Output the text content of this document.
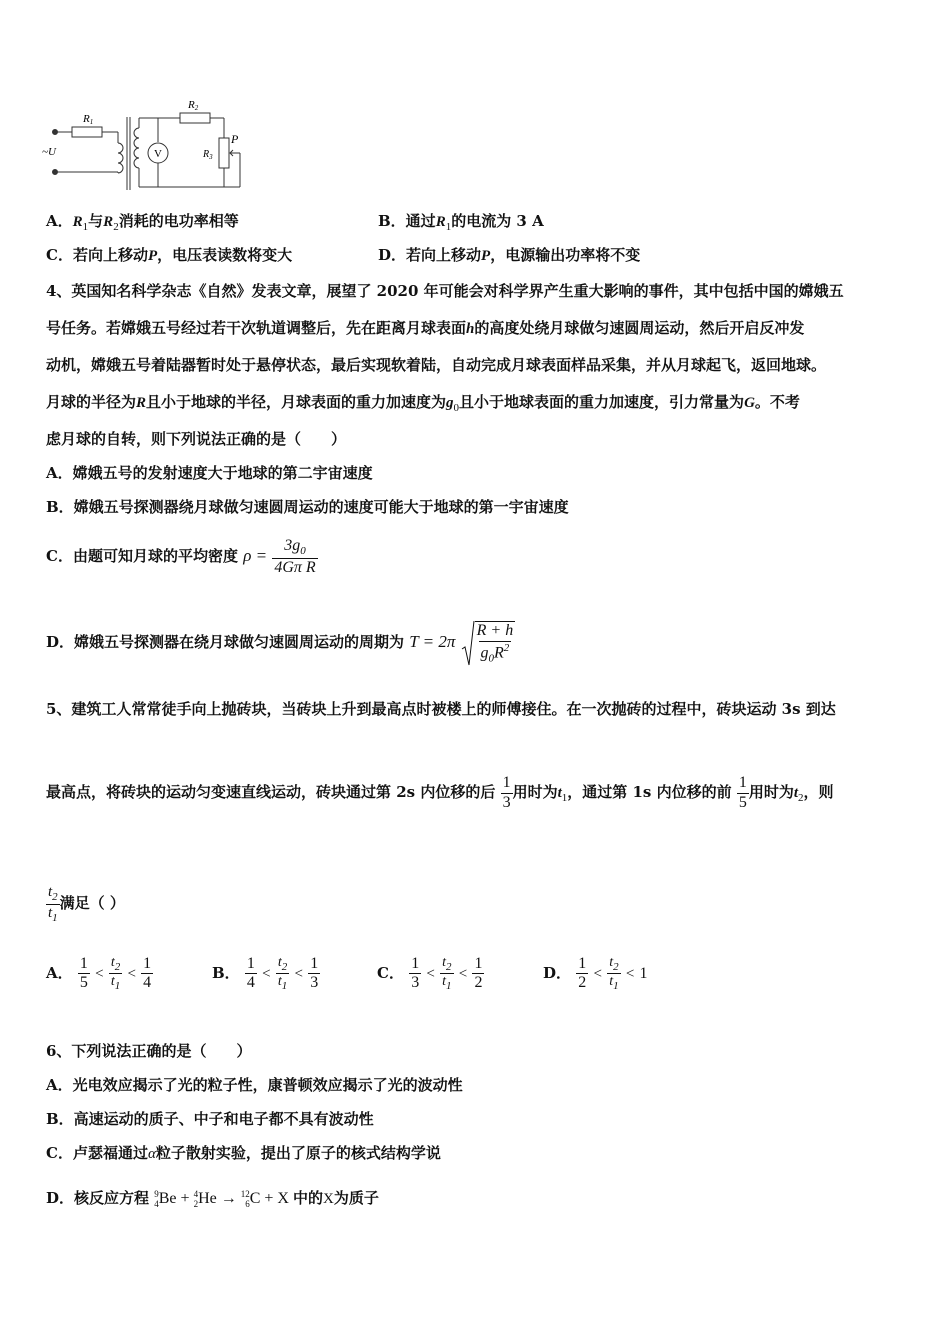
~U
R1
R2
$R_3$
V
P
A．$R_1$与$R_2$消耗的电功率相等	B．通过$R_1$的电流为 3 A
C．若向上移动P，电压表读数将变大	D．若向上移动P，电源输出功率将不变
4、英国知名科学杂志《自然》发表文章，展望了 2020 年可能会对科学界产生重大影响的事件，其中包括中国的嫦娥五
号任务。若嫦娥五号经过若干次轨道调整后，先在距离月球表面h的高度处绕月球做匀速圆周运动，然后开启反冲发
动机，嫦娥五号着陆器暂时处于悬停状态，最后实现软着陆，自动完成月球表面样品采集，并从月球起飞，返回地球。
月球的半径为R且小于地球的半径，月球表面的重力加速度为$g_0$且小于地球表面的重力加速度，引力常量为G。不考
虑月球的自转，则下列说法正确的是（　　）
A．嫦娥五号的发射速度大于地球的第二宇宙速度
B．嫦娥五号探测器绕月球做匀速圆周运动的速度可能大于地球的第一宇宙速度
C．由题可知月球的平均密度 $\rho = \frac{3g_0}{\text{4Gπ R}}$
D．嫦娥五号探测器在绕月球做匀速圆周运动的周期为 $T = 2\pi \frac{R + h}{g_0R^2}$
5、建筑工人常常徒手向上抛砖块，当砖块上升到最高点时被楼上的师傅接住。在一次抛砖的过程中，砖块运动 3s 到达
最高点，将砖块的运动匀变速直线运动，砖块通过第 2s 内位移的后 $\frac{1}{3}$ 用时为$t_1$，通过第 1s 内位移的前 $\frac{1}{5}$ 用时为$t_2$，则
$\frac{t_2}{t_1}$ 满足（ ）
A． $\frac{1}{5} < \frac{t_2}{t_1} < \frac{1}{4}$	B． $\frac{1}{4} < \frac{t_2}{t_1} < \frac{1}{3}$	C． $\frac{1}{3} < \frac{t_2}{t_1} < \frac{1}{2}$	D． $\frac{1}{2} < \frac{t_2}{t_1} < 1$
6、下列说法正确的是（　　）
A．光电效应揭示了光的粒子性，康普顿效应揭示了光的波动性
B．高速运动的质子、中子和电子都不具有波动性
C．卢瑟福通过α粒子散射实验，提出了原子的核式结构学说
D．核反应方程 9
4 Be + 4
2 He → 12
6 C + X 中的X为质子
